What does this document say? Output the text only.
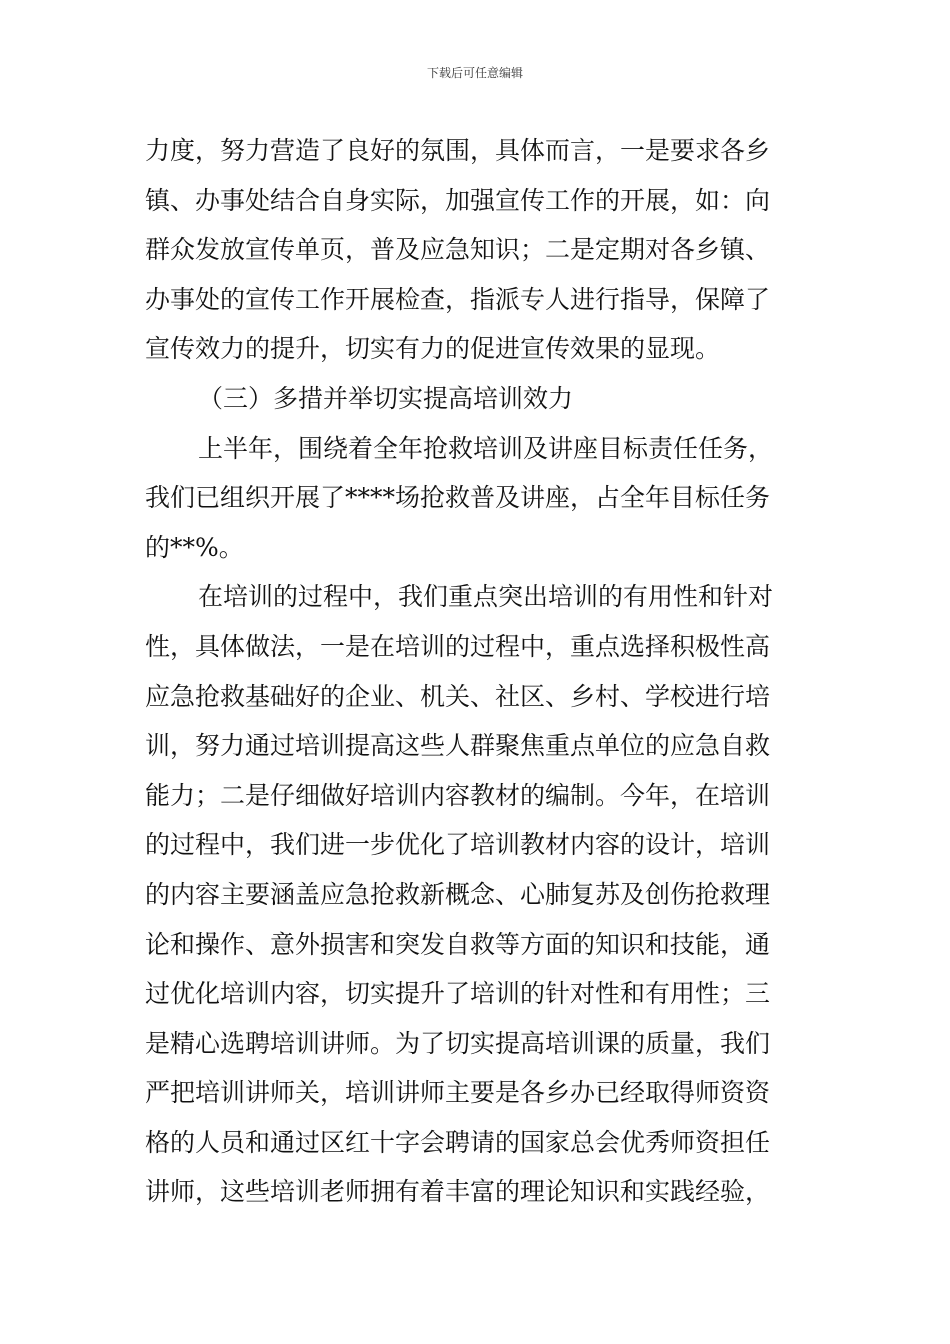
下载后可任意编辑
力度，努力营造了良好的氛围，具体而言，一是要求各乡
镇、办事处结合自身实际，加强宣传工作的开展，如：向
群众发放宣传单页，普及应急知识；二是定期对各乡镇、
办事处的宣传工作开展检查，指派专人进行指导，保障了
宣传效力的提升，切实有力的促进宣传效果的显现。
（三）多措并举切实提高培训效力
上半年，围绕着全年抢救培训及讲座目标责任任务，
我们已组织开展了****场抢救普及讲座，占全年目标任务
的**%。
在培训的过程中，我们重点突出培训的有用性和针对
性，具体做法，一是在培训的过程中，重点选择积极性高
应急抢救基础好的企业、机关、社区、乡村、学校进行培
训，努力通过培训提高这些人群聚焦重点单位的应急自救
能力；二是仔细做好培训内容教材的编制。今年，在培训
的过程中，我们进一步优化了培训教材内容的设计，培训
的内容主要涵盖应急抢救新概念、心肺复苏及创伤抢救理
论和操作、意外损害和突发自救等方面的知识和技能，通
过优化培训内容，切实提升了培训的针对性和有用性；三
是精心选聘培训讲师。为了切实提高培训课的质量，我们
严把培训讲师关，培训讲师主要是各乡办已经取得师资资
格的人员和通过区红十字会聘请的国家总会优秀师资担任
讲师，这些培训老师拥有着丰富的理论知识和实践经验，
